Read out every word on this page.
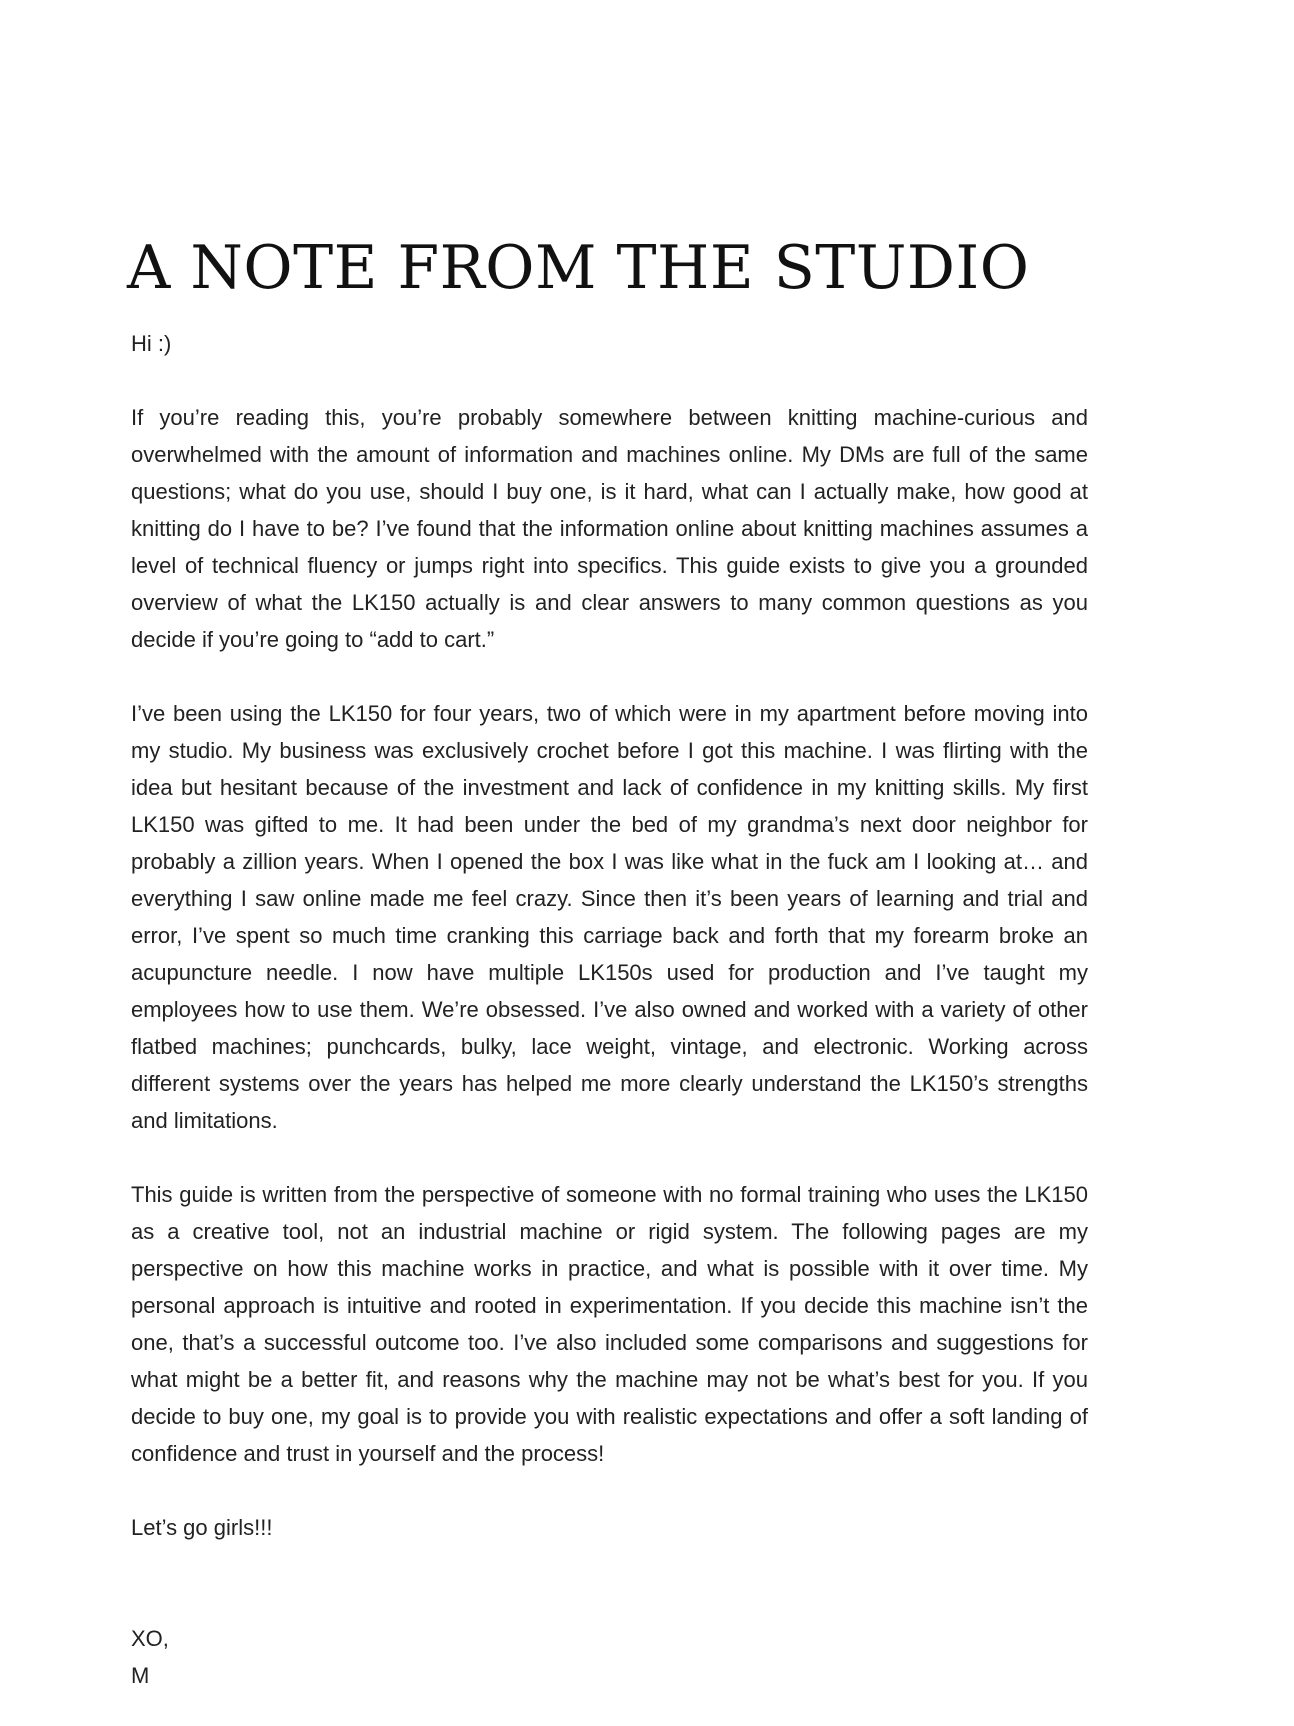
A NOTE FROM THE STUDIO

Hi :)

If you’re reading this, you’re probably somewhere between knitting machine-curious and overwhelmed with the amount of information and machines online. My DMs are full of the same questions; what do you use, should I buy one, is it hard, what can I actually make, how good at knitting do I have to be? I’ve found that the information online about knitting machines assumes a level of technical fluency or jumps right into specifics. This guide exists to give you a grounded overview of what the LK150 actually is and clear answers to many common questions as you decide if you’re going to “add to cart.”

I’ve been using the LK150 for four years, two of which were in my apartment before moving into my studio. My business was exclusively crochet before I got this machine. I was flirting with the idea but hesitant because of the investment and lack of confidence in my knitting skills. My first LK150 was gifted to me. It had been under the bed of my grandma’s next door neighbor for probably a zillion years. When I opened the box I was like what in the fuck am I looking at… and everything I saw online made me feel crazy. Since then it’s been years of learning and trial and error, I’ve spent so much time cranking this carriage back and forth that my forearm broke an acupuncture needle. I now have multiple LK150s used for production and I’ve taught my employees how to use them. We’re obsessed. I’ve also owned and worked with a variety of other flatbed machines; punchcards, bulky, lace weight, vintage, and electronic. Working across different systems over the years has helped me more clearly understand the LK150’s strengths and limitations.

This guide is written from the perspective of someone with no formal training who uses the LK150 as a creative tool, not an industrial machine or rigid system. The following pages are my perspective on how this machine works in practice, and what is possible with it over time. My personal approach is intuitive and rooted in experimentation. If you decide this machine isn’t the one, that’s a successful outcome too. I’ve also included some comparisons and suggestions for what might be a better fit, and reasons why the machine may not be what’s best for you. If you decide to buy one, my goal is to provide you with realistic expectations and offer a soft landing of confidence and trust in yourself and the process!

Let’s go girls!!!

XO,

M
